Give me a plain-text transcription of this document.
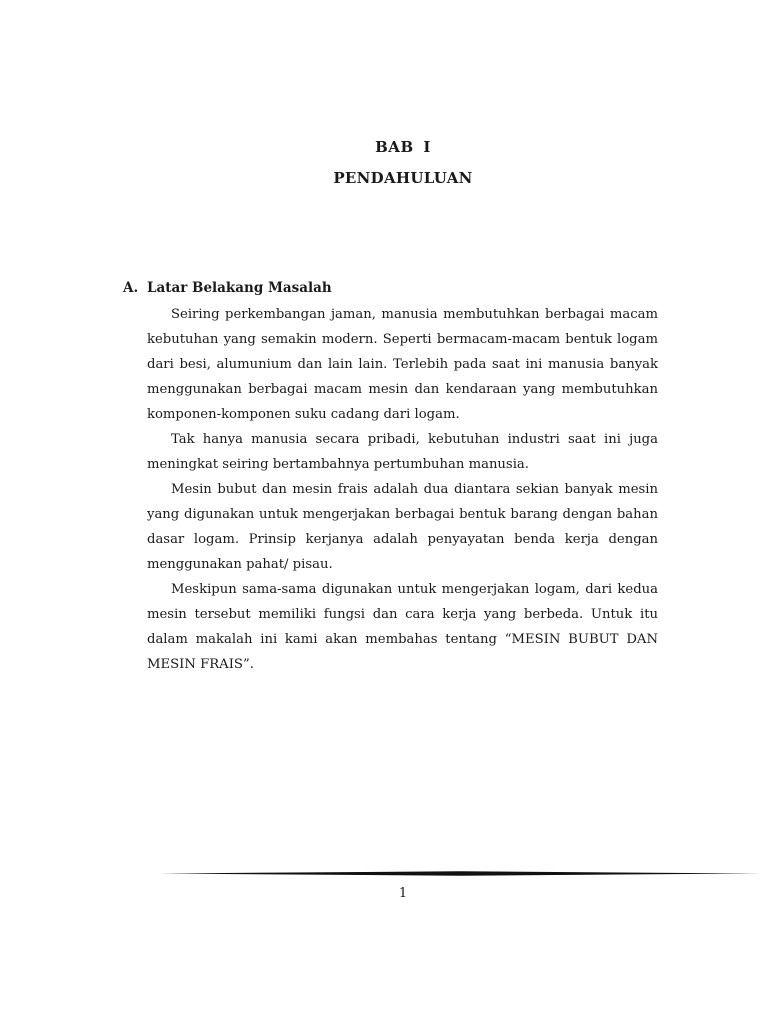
BAB I
PENDAHULUAN
A. Latar Belakang Masalah

Seiring perkembangan jaman, manusia membutuhkan berbagai macam kebutuhan yang semakin modern. Seperti bermacam-macam bentuk logam dari besi, alumunium dan lain lain. Terlebih pada saat ini manusia banyak menggunakan berbagai macam mesin dan kendaraan yang membutuhkan komponen-komponen suku cadang dari logam.

Tak hanya manusia secara pribadi, kebutuhan industri saat ini juga meningkat seiring bertambahnya pertumbuhan manusia.

Mesin bubut dan mesin frais adalah dua diantara sekian banyak mesin yang digunakan untuk mengerjakan berbagai bentuk barang dengan bahan dasar logam. Prinsip kerjanya adalah penyayatan benda kerja dengan menggunakan pahat/ pisau.

Meskipun sama-sama digunakan untuk mengerjakan logam, dari kedua mesin tersebut memiliki fungsi dan cara kerja yang berbeda. Untuk itu dalam makalah ini kami akan membahas tentang “MESIN BUBUT DAN MESIN FRAIS”.

1
